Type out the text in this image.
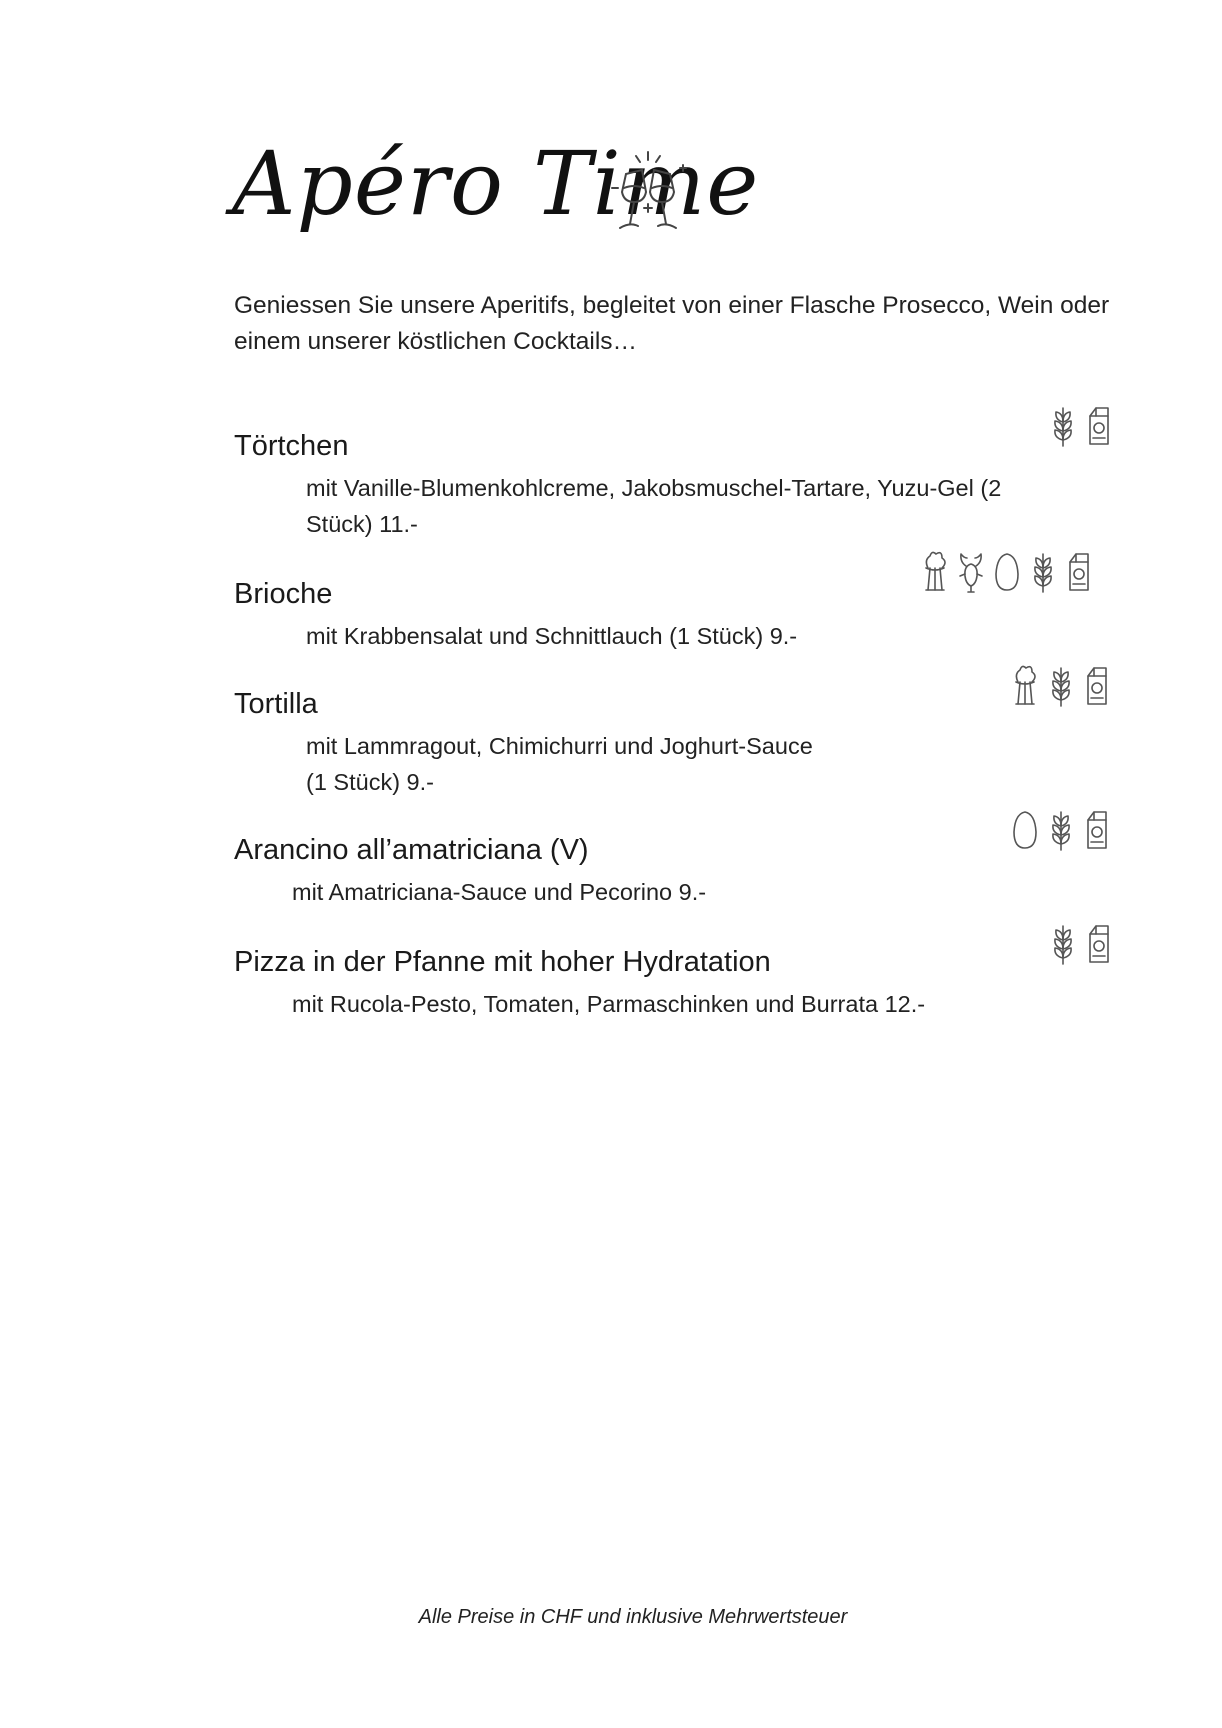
Apéro Time
Geniessen Sie unsere Aperitifs, begleitet von einer Flasche Prosecco, Wein oder einem unserer köstlichen Cocktails…
Törtchen
mit Vanille-Blumenkohlcreme, Jakobsmuschel-Tartare, Yuzu-Gel (2
Stück) 11.-
Brioche
mit Krabbensalat und Schnittlauch (1 Stück) 9.-
Tortilla
mit Lammragout, Chimichurri und Joghurt-Sauce
(1 Stück) 9.-
Arancino all’amatriciana (V)
mit Amatriciana-Sauce und Pecorino 9.-
Pizza in der Pfanne mit hoher Hydratation
mit Rucola-Pesto, Tomaten, Parmaschinken und Burrata 12.-
Alle Preise in CHF und inklusive Mehrwertsteuer
